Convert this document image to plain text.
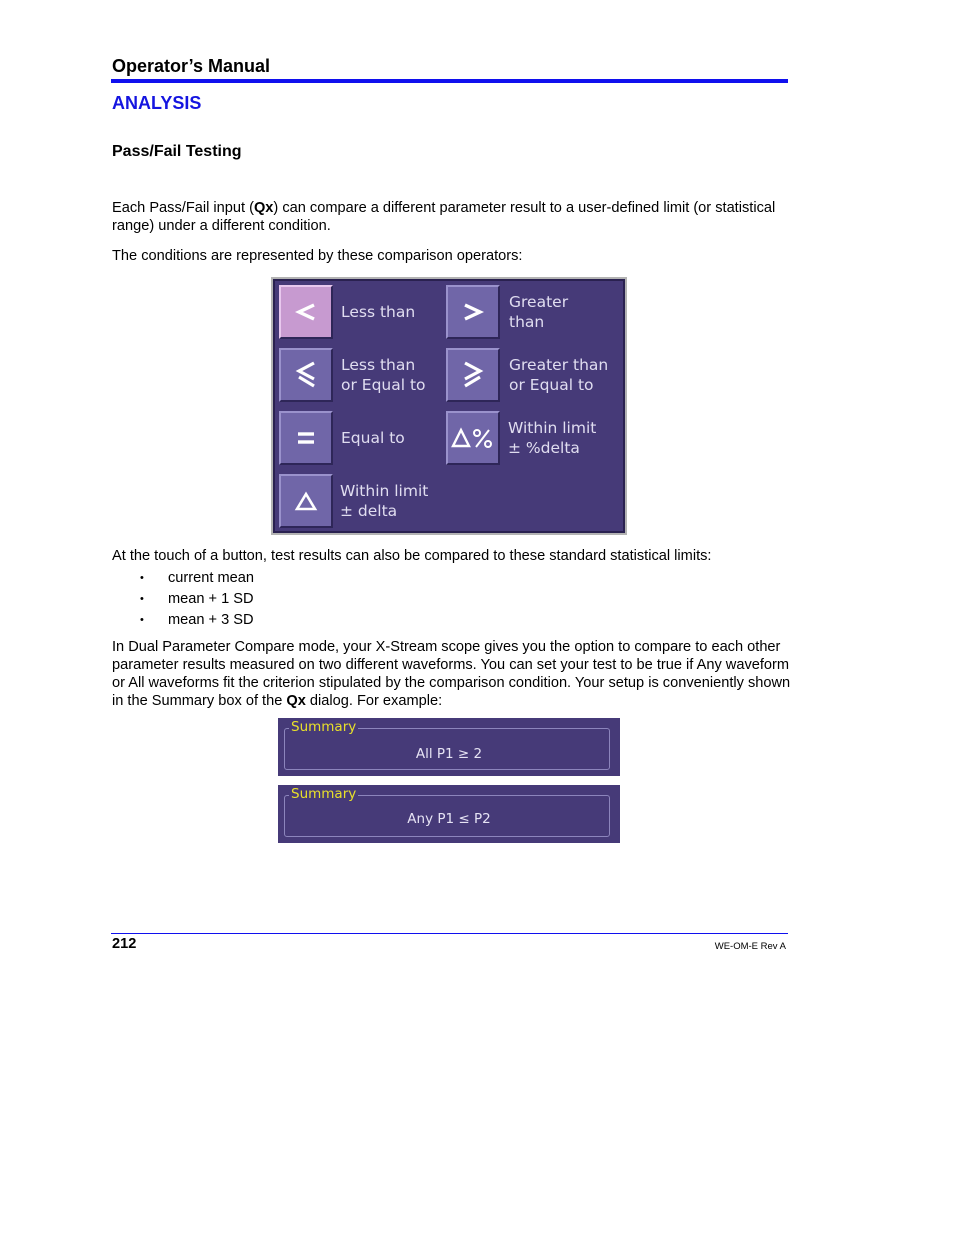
Operator’s Manual
ANALYSIS
Pass/Fail Testing
Each Pass/Fail input (Qx) can compare a different parameter result to a user-defined limit (or statistical range) under a different condition.
The conditions are represented by these comparison operators:
Less than
Greater
than
Less than
or Equal to
Greater than
or Equal to
Equal to
Within limit
± %delta
Within limit
± delta
At the touch of a button, test results can also be compared to these standard statistical limits:
• current mean
• mean + 1 SD
• mean + 3 SD
In Dual Parameter Compare mode, your X-Stream scope gives you the option to compare to each other parameter results measured on two different waveforms. You can set your test to be true if Any waveform or All waveforms fit the criterion stipulated by the comparison condition. Your setup is conveniently shown in the Summary box of the Qx dialog. For example:
Summary
All P1 ≥ 2
Summary
Any P1 ≤ P2
212	WE-OM-E Rev A
